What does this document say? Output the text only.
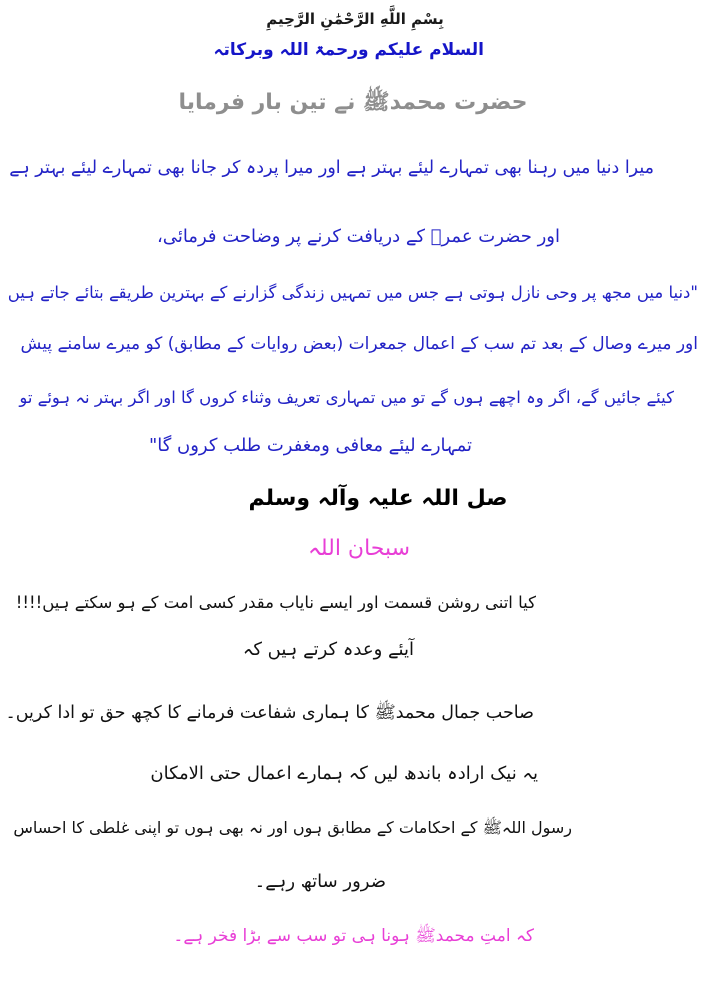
بِسْمِ اللَّهِ الرَّحْمَٰنِ الرَّحِيمِ
السلام علیکم ورحمۃ اللہ وبرکاتہ
حضرت محمدﷺ نے تین بار فرمایا
میرا دنیا میں رہنا بھی تمہارے لیئے بہتر ہے اور میرا پردہ کر جانا بھی تمہارے لیئے بہتر ہے
اور حضرت عمرؓ کے دریافت کرنے پر وضاحت فرمائی،
"دنیا میں مجھ پر وحی نازل ہوتی ہے جس میں تمہیں زندگی گزارنے کے بہترین طریقے بتائے جاتے ہیں
اور میرے وصال کے بعد تم سب کے اعمال جمعرات (بعض روایات کے مطابق) کو میرے سامنے پیش
کیئے جائیں گے، اگر وہ اچھے ہوں گے تو میں تمہاری تعریف وثناء کروں گا اور اگر بہتر نہ ہوئے تو
تمہارے لیئے معافی ومغفرت طلب کروں گا"
صل اللہ علیہ وآلہ وسلم
سبحان اللہ
کیا اتنی روشن قسمت اور ایسے نایاب مقدر کسی امت کے ہو سکتے ہیں!!!!
آیئے وعدہ کرتے ہیں کہ
صاحب جمال محمدﷺ کا ہماری شفاعت فرمانے کا کچھ حق تو ادا کریں۔
یہ نیک ارادہ باندھ لیں کہ ہمارے اعمال حتی الامکان
رسول اللہﷺ کے احکامات کے مطابق ہوں اور نہ بھی ہوں تو اپنی غلطی کا احساس
ضرور ساتھ رہے۔
کہ امتِ محمدﷺ ہونا ہی تو سب سے بڑا فخر ہے۔
